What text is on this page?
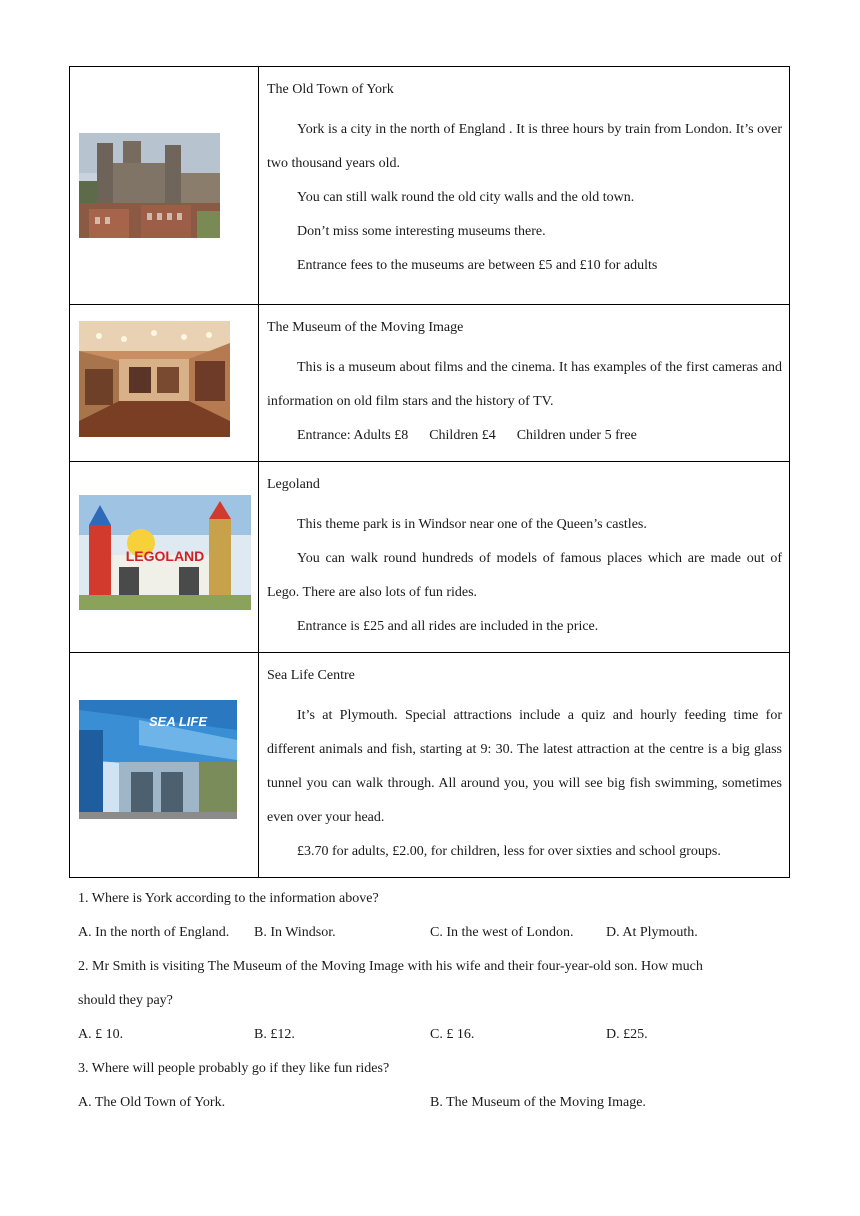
The Old Town of York
York is a city in the north of England . It is three hours by train from London. It’s over two thousand years old.
You can still walk round the old city walls and the old town.
Don’t miss some interesting museums there.
Entrance fees to the museums are between £5 and £10 for adults

The Museum of the Moving Image
This is a museum about films and the cinema. It has examples of the first cameras and information on old film stars and the history of TV.
Entrance: Adults £8      Children £4      Children under 5 free

LEGOLAND	Legoland
This theme park is in Windsor near one of the Queen’s castles.
You can walk round hundreds of models of famous places which are made out of Lego. There are also lots of fun rides.
Entrance is £25 and all rides are included in the price.

SEA LIFE	Sea Life Centre
It’s at Plymouth. Special attractions include a quiz and hourly feeding time for different animals and fish, starting at 9: 30. The latest attraction at the centre is a big glass tunnel you can walk through. All around you, you will see big fish swimming, sometimes even over your head.
£3.70 for adults, £2.00, for children, less for over sixties and school groups.
1. Where is York according to the information above?
A. In the north of England.	B. In Windsor.	C. In the west of London.	D. At Plymouth.
2. Mr Smith is visiting The Museum of the Moving Image with his wife and their four-year-old son. How much
should they pay?
A. £ 10.	B. £12.	C. £ 16.	D. £25.
3. Where will people probably go if they like fun rides?
A. The Old Town of York.	B. The Museum of the Moving Image.
